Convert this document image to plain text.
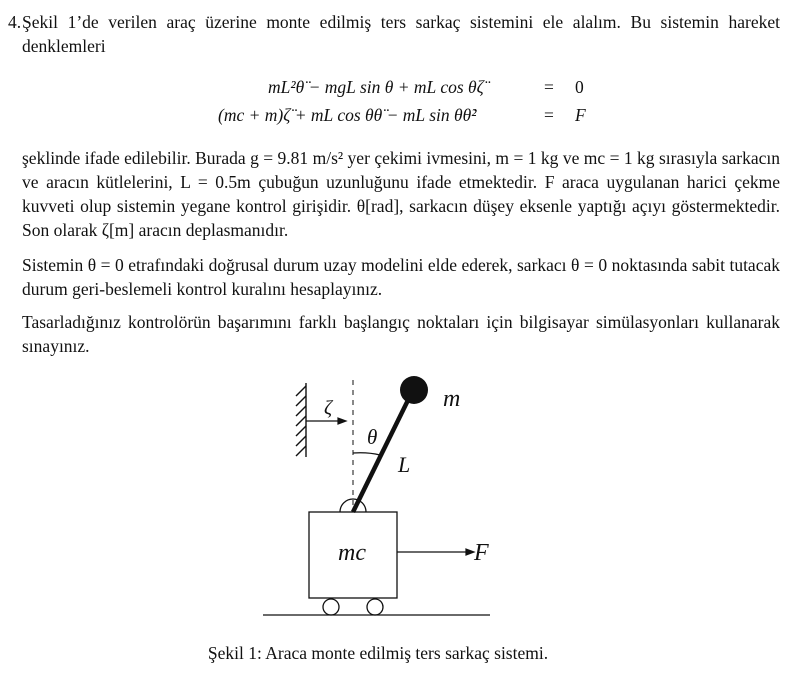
4. Şekil 1’de verilen araç üzerine monte edilmiş ters sarkaç sistemini ele alalım. Bu sistemin hareket denklemleri

mL²θ̈ − mgL sin θ + mL cos θζ̈	= 0
(mc + m)ζ̈ + mL cos θθ̈ − mL sin θθ̇²	= F

şeklinde ifade edilebilir. Burada g = 9.81 m/s² yer çekimi ivmesini, m = 1 kg ve mc = 1 kg sırasıyla sarkacın ve aracın kütlelerini, L = 0.5m çubuğun uzunluğunu ifade etmektedir. F araca uygulanan harici çekme kuvveti olup sistemin yegane kontrol girişidir. θ[rad], sarkacın düşey eksenle yaptığı açıyı göstermektedir. Son olarak ζ[m] aracın deplasmanıdır.

Sistemin θ = 0 etrafındaki doğrusal durum uzay modelini elde ederek, sarkacı θ = 0 noktasında sabit tutacak durum geri-beslemeli kontrol kuralını hesaplayınız.

Tasarladığınız kontrolörün başarımını farklı başlangıç noktaları için bilgisayar simülasyonları kullanarak sınayınız.

ζ
θ
m
L
mc	F
Şekil 1: Araca monte edilmiş ters sarkaç sistemi.
